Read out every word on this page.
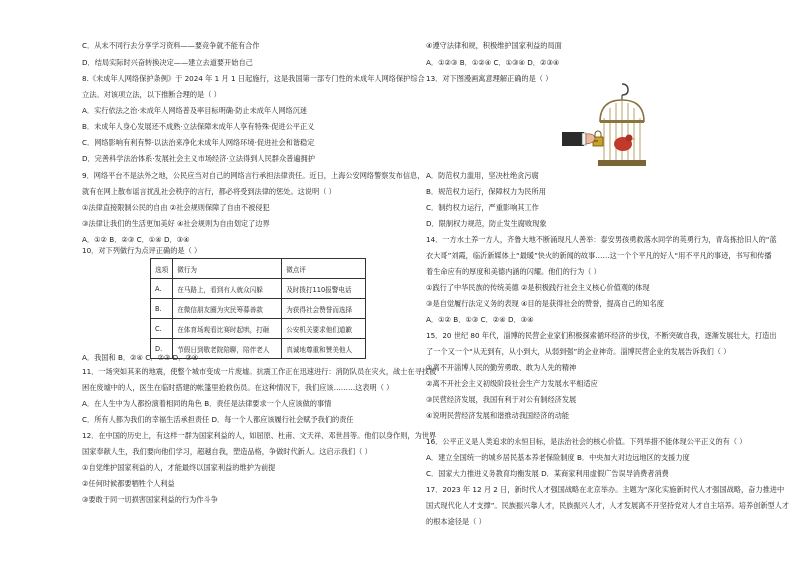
C．从未不同行去分享学习资料——要竞争就不能有合作
D．结局实际时兴奋转换决定——建立去道要开始自己
8.《未成年人网络保护条例》于 2024 年 1 月 1 日起施行，这是我国第一部专门性的未成年人网络保护综合
立法。对该项立法，以下推断合理的是（ ）
A．实行依法之治·未成年人网络普及率目标明确·防止未成年人网络沉迷
B．未成年人身心发展还不成熟·立法保障未成年人享有特殊·促进公平正义
C．网络影响有利有弊·以法治来净化未成年人网络环境·促进社会和谐稳定
D．完善科学法治体系·发展社会主义市场经济·立法得到人民群众普遍拥护
9．网络平台不是法外之地，公民应当对自己的网络言行承担法律责任。近日，上海公安网络警察发布信息，
就有在网上散布谣言扰乱社会秩序的言行，都必将受到法律的惩处。这说明（ ）
①法律直接限制公民的自由 ②社会规则保障了自由不被侵犯
③法律让我们的生活更加美好 ④社会规则为自由划定了边界
A．①② B．②③ C．①④ D．③④
10．对下列做行为点评正确的是（ ）
A．我国和 B．②④ C．②③ D．③④
11．一场突如其来的地震，使整个城市变成一片废墟。抗震工作正在迅速进行：消防队员在灾火，战士在寻找被
困在废墟中的人，医生在临时搭建的帐篷里抢救伤员。在这种情况下，我们应该………这表明（ ）
A．在人生中为人都扮演着相同的角色 B．责任是法律要求一个人应该做的事情
C．所有人都为我们的幸福生活承担责任 D．每一个人都应该履行社会赋予我们的责任
12．在中国的历史上，有这样一群为国家利益的人，如屈原、杜甫、文天祥、邓世昌等。他们以身作则，为世界
国家奉献人生，我们要向他们学习，超越自我，塑造品格，争做时代新人。这启示我们（ ）
①自觉维护国家利益的人，才能最终以国家利益的维护为前提
②任何时候都要牺牲个人利益
③要敢于同一切损害国家利益的行为作斗争
选项	微行为	微点评
A.	在马路上，看到有人就众闪躲	及时拨打110报警电话
B.	在微信朋友圈为灾民筹募善款	为获得社会赞誉而选择
C.	在体育场观看比赛时起哄，打砸	公安机关要求他们道歉
D.	节假日到敬老院陪聊，陪伴老人	真诚地尊重和赞美他人
④遵守法律和规，积极维护国家利益的局面
A．①②③ B．①②④ C．①③④ D．②③④
13．对下图漫画寓意理解正确的是（ ）
A．防范权力滥用，坚决杜绝贪污腐
B．规范权力运行，保障权力为民所用
C．制约权力运行，严重影响其工作
D．限制权力规范，防止发生腐败现象
14．一方水土养一方人，齐鲁大地不断涌现凡人善举：泰安男孩勇救落水同学的英勇行为，青岛拣拾旧人的“蓝
衣大哥”刘霞，临沂新媒体上“最暖”快火的新闻的故事……这一个个平凡的好人“用不平凡的事迹，书写和传播
着生命应有的厚度和美德内涵的闪耀。他们的行为（ ）
①践行了中华民族的传统美德 ②是积极践行社会主义核心价值观的体现
③是自觉履行法定义务的表现 ④目的是获得社会的赞誉，提高自己的知名度
A．①② B．①③ C．②④ D．③④
15．20 世纪 80 年代，淄博的民营企业家们积极探索循环经济的步伐，不断突破自我，逐渐发展壮大，打造出
了一个又一个“从无到有，从小到大，从弱到强”的企业神奇。淄博民营企业的发展告诉我们（ ）
①离不开淄博人民的勤劳勇敢、敢为人先的精神
②离不开社会主义初级阶段社会生产力发展水平相适应
③民营经济发展，我国有利于对公有制经济发展
④说明民营经济发展和谐推动我国经济的动能
16．公平正义是人类追求的永恒目标，是法治社会的核心价值。下列举措不能体现公平正义的有（ ）
A．建立全国统一的城乡居民基本养老保险制度 B．中央加大对边远地区的支援力度
C．国家大力推进义务教育均衡发展 D．某商家利用虚假广告误导消费者消费
17．2023 年 12 月 2 日，新时代人才强国战略在北京举办。主题为“深化实施新时代人才强国战略，奋力推进中
国式现代化人才支撑”。民族振兴靠人才，民族振兴人才，人才发展离不开坚持党对人才自主培养。培养创新型人才
的根本途径是（ ）
